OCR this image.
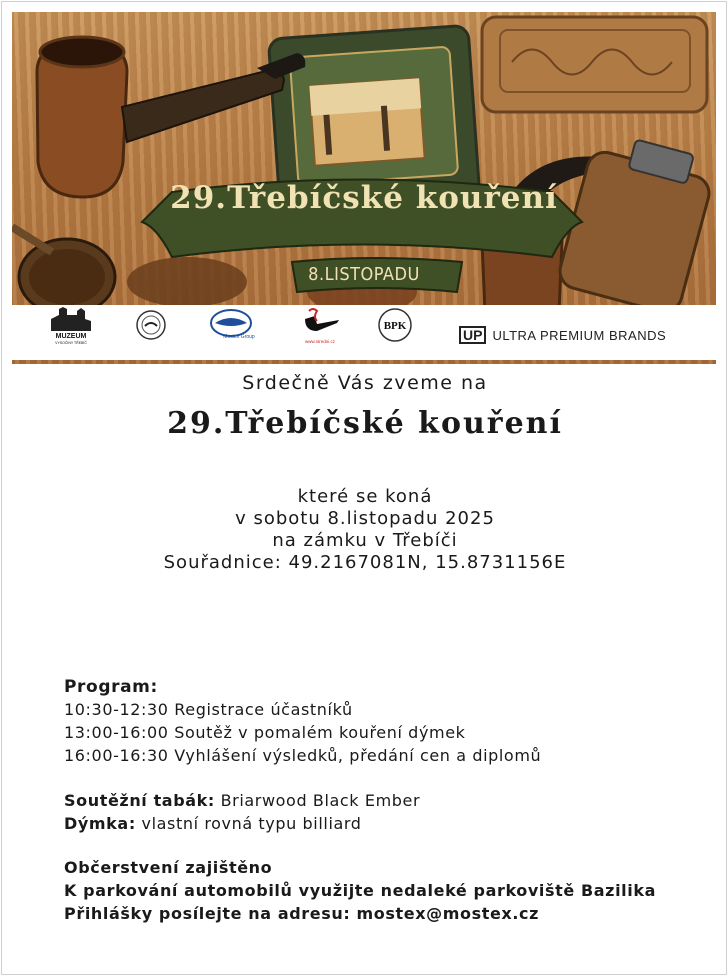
29.Třebíčské kouření
8.LISTOPADU
MUZEUM
VYSOČINY TŘEBÍČ
Mostex Group
www.stredni.cz
BPK
UP ULTRA PREMIUM BRANDS
Srdečně Vás zveme na
29.Třebíčské kouření
které se koná
v sobotu 8.listopadu 2025
na zámku v Třebíči
Souřadnice: 49.2167081N, 15.8731156E
Program:
10:30-12:30 Registrace účastníků
13:00-16:00 Soutěž v pomalém kouření dýmek
16:00-16:30 Vyhlášení výsledků, předání cen a diplomů
Soutěžní tabák: Briarwood Black Ember
Dýmka: vlastní rovná typu billiard
Občerstvení zajištěno
K parkování automobilů využijte nedaleké parkoviště Bazilika
Přihlášky posílejte na adresu: mostex@mostex.cz
